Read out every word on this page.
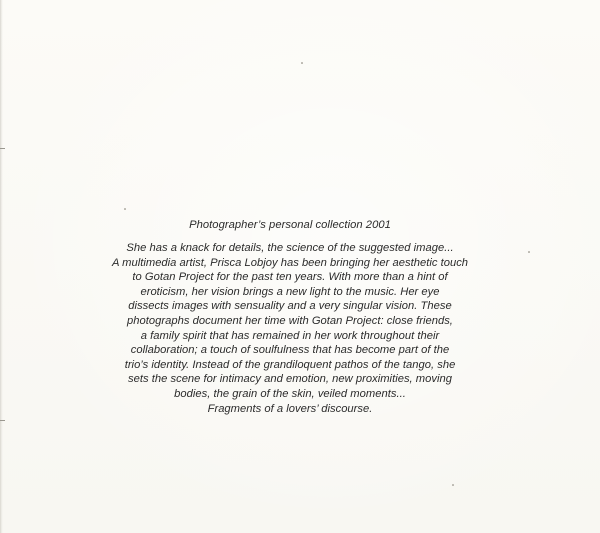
Photographer’s personal collection 2001
She has a knack for details, the science of the suggested image...
A multimedia artist, Prisca Lobjoy has been bringing her aesthetic touch
to Gotan Project for the past ten years. With more than a hint of
eroticism, her vision brings a new light to the music. Her eye
dissects images with sensuality and a very singular vision. These
photographs document her time with Gotan Project: close friends,
a family spirit that has remained in her work throughout their
collaboration; a touch of soulfulness that has become part of the
trio’s identity. Instead of the grandiloquent pathos of the tango, she
sets the scene for intimacy and emotion, new proximities, moving
bodies, the grain of the skin, veiled moments...
Fragments of a lovers’ discourse.
